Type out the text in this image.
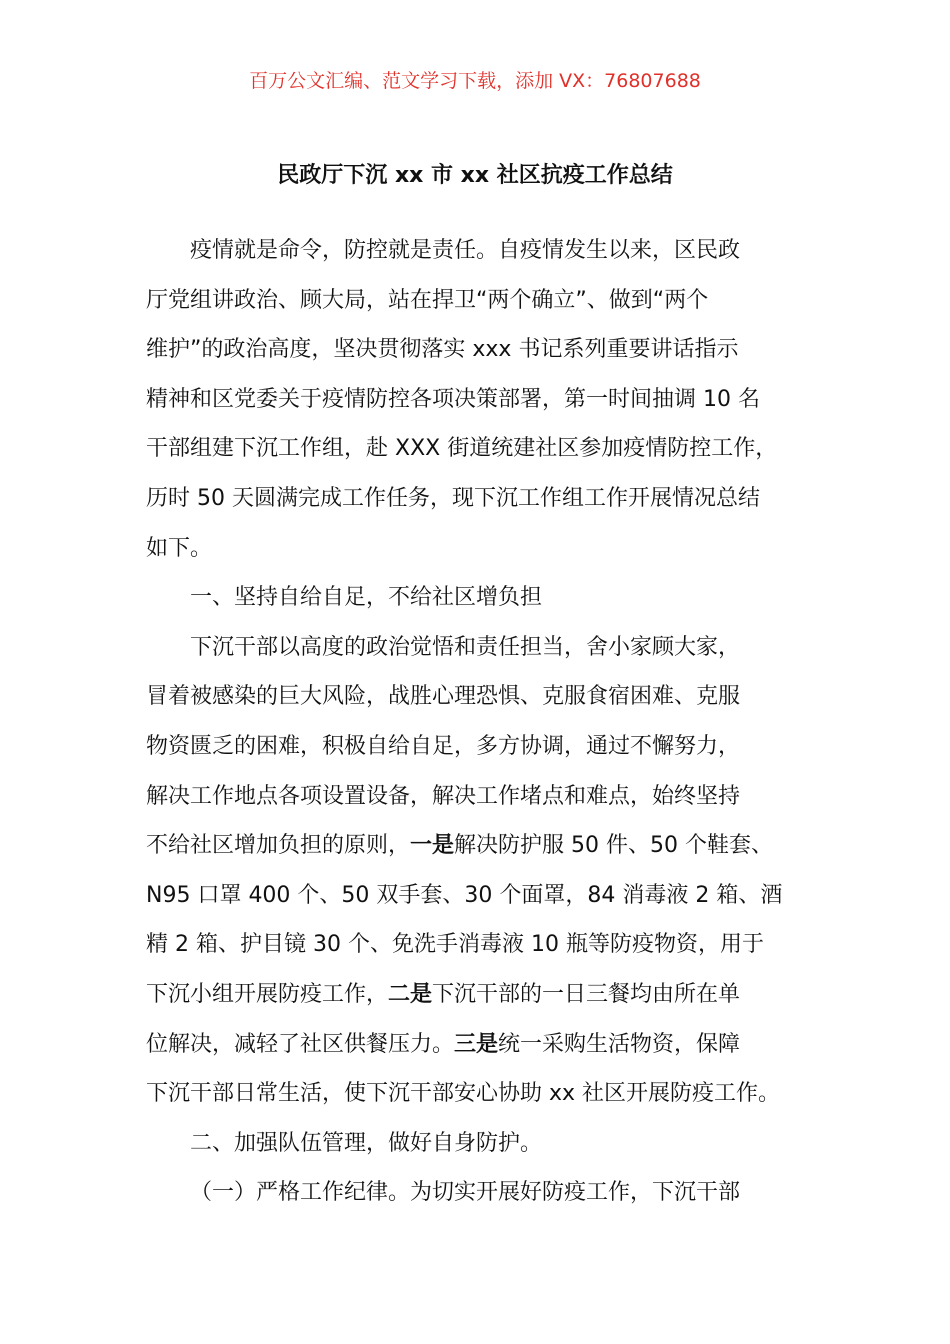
百万公文汇编、范文学习下载，添加 VX：76807688
民政厅下沉 xx 市 xx 社区抗疫工作总结
疫情就是命令，防控就是责任。自疫情发生以来，区民政
厅党组讲政治、顾大局，站在捍卫“两个确立”、做到“两个
维护”的政治高度，坚决贯彻落实 xxx 书记系列重要讲话指示
精神和区党委关于疫情防控各项决策部署，第一时间抽调 10 名
干部组建下沉工作组，赴 XXX 街道统建社区参加疫情防控工作，
历时 50 天圆满完成工作任务，现下沉工作组工作开展情况总结
如下。
一、坚持自给自足，不给社区增负担
下沉干部以高度的政治觉悟和责任担当，舍小家顾大家，
冒着被感染的巨大风险，战胜心理恐惧、克服食宿困难、克服
物资匮乏的困难，积极自给自足，多方协调，通过不懈努力，
解决工作地点各项设置设备，解决工作堵点和难点，始终坚持
不给社区增加负担的原则，一是解决防护服 50 件、50 个鞋套、
N95 口罩 400 个、50 双手套、30 个面罩，84 消毒液 2 箱、酒
精 2 箱、护目镜 30 个、免洗手消毒液 10 瓶等防疫物资，用于
下沉小组开展防疫工作，二是下沉干部的一日三餐均由所在单
位解决，减轻了社区供餐压力。三是统一采购生活物资，保障
下沉干部日常生活，使下沉干部安心协助 xx 社区开展防疫工作。
二、加强队伍管理，做好自身防护。
（一）严格工作纪律。为切实开展好防疫工作，下沉干部
